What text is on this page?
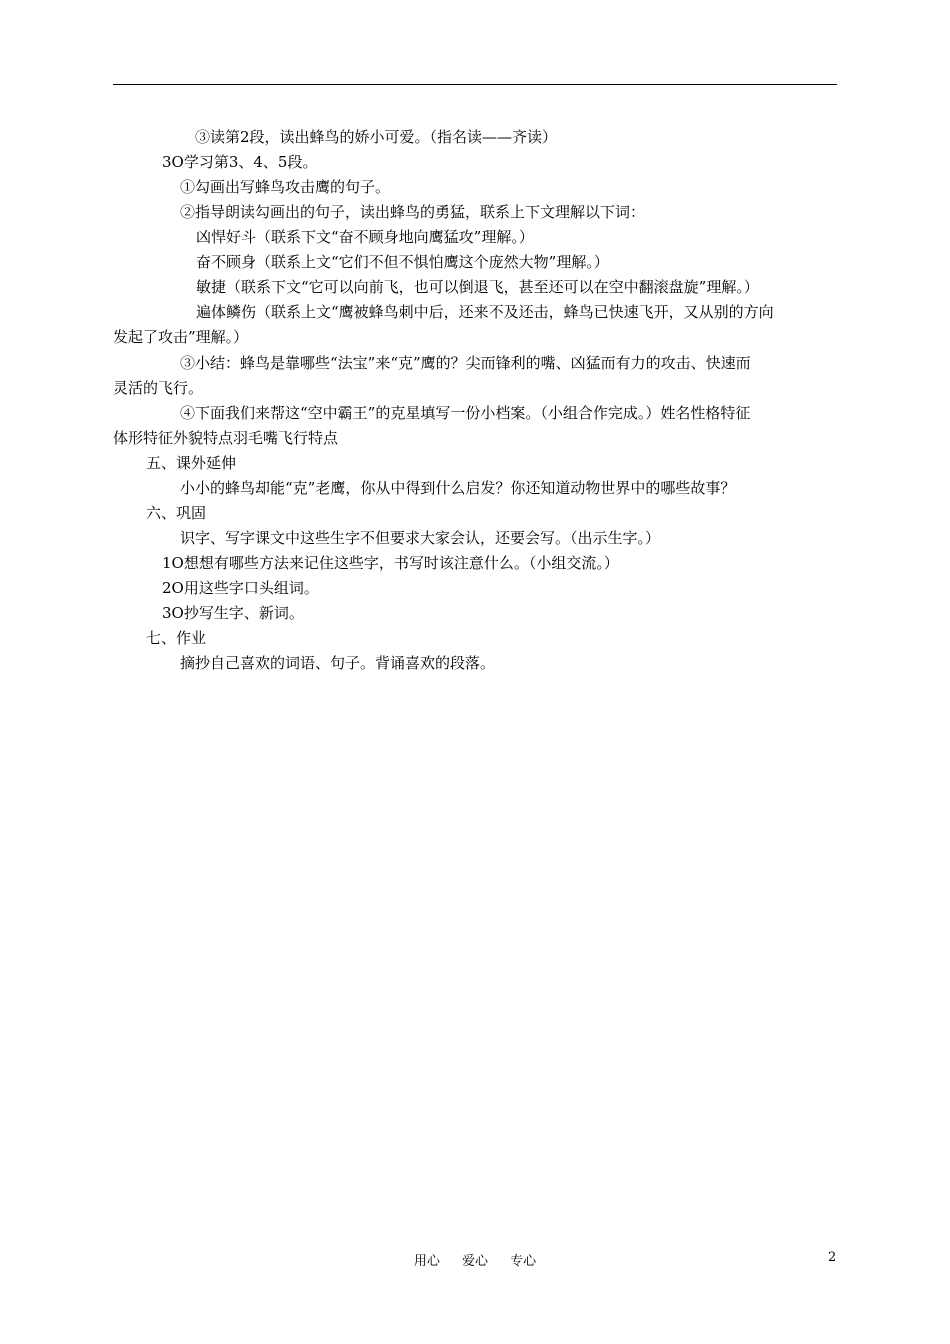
③读第2段，读出蜂鸟的娇小可爱。（指名读——齐读）
3O学习第3、4、5段。
①勾画出写蜂鸟攻击鹰的句子。
②指导朗读勾画出的句子，读出蜂鸟的勇猛，联系上下文理解以下词：
凶悍好斗（联系下文“奋不顾身地向鹰猛攻”理解。）
奋不顾身（联系上文“它们不但不惧怕鹰这个庞然大物”理解。）
敏捷（联系下文“它可以向前飞，也可以倒退飞，甚至还可以在空中翻滚盘旋”理解。）
遍体鳞伤（联系上文“鹰被蜂鸟刺中后，还来不及还击，蜂鸟已快速飞开，又从别的方向
发起了攻击”理解。）
③小结：蜂鸟是靠哪些“法宝”来“克”鹰的？尖而锋利的嘴、凶猛而有力的攻击、快速而
灵活的飞行。
④下面我们来帮这“空中霸王”的克星填写一份小档案。（小组合作完成。）姓名性格特征
体形特征外貌特点羽毛嘴飞行特点
五、课外延伸
小小的蜂鸟却能“克”老鹰，你从中得到什么启发？你还知道动物世界中的哪些故事？
六、巩固
识字、写字课文中这些生字不但要求大家会认，还要会写。（出示生字。）
1O想想有哪些方法来记住这些字，书写时该注意什么。（小组交流。）
2O用这些字口头组词。
3O抄写生字、新词。
七、作业
摘抄自己喜欢的词语、句子。背诵喜欢的段落。
用心 爱心 专心	2
